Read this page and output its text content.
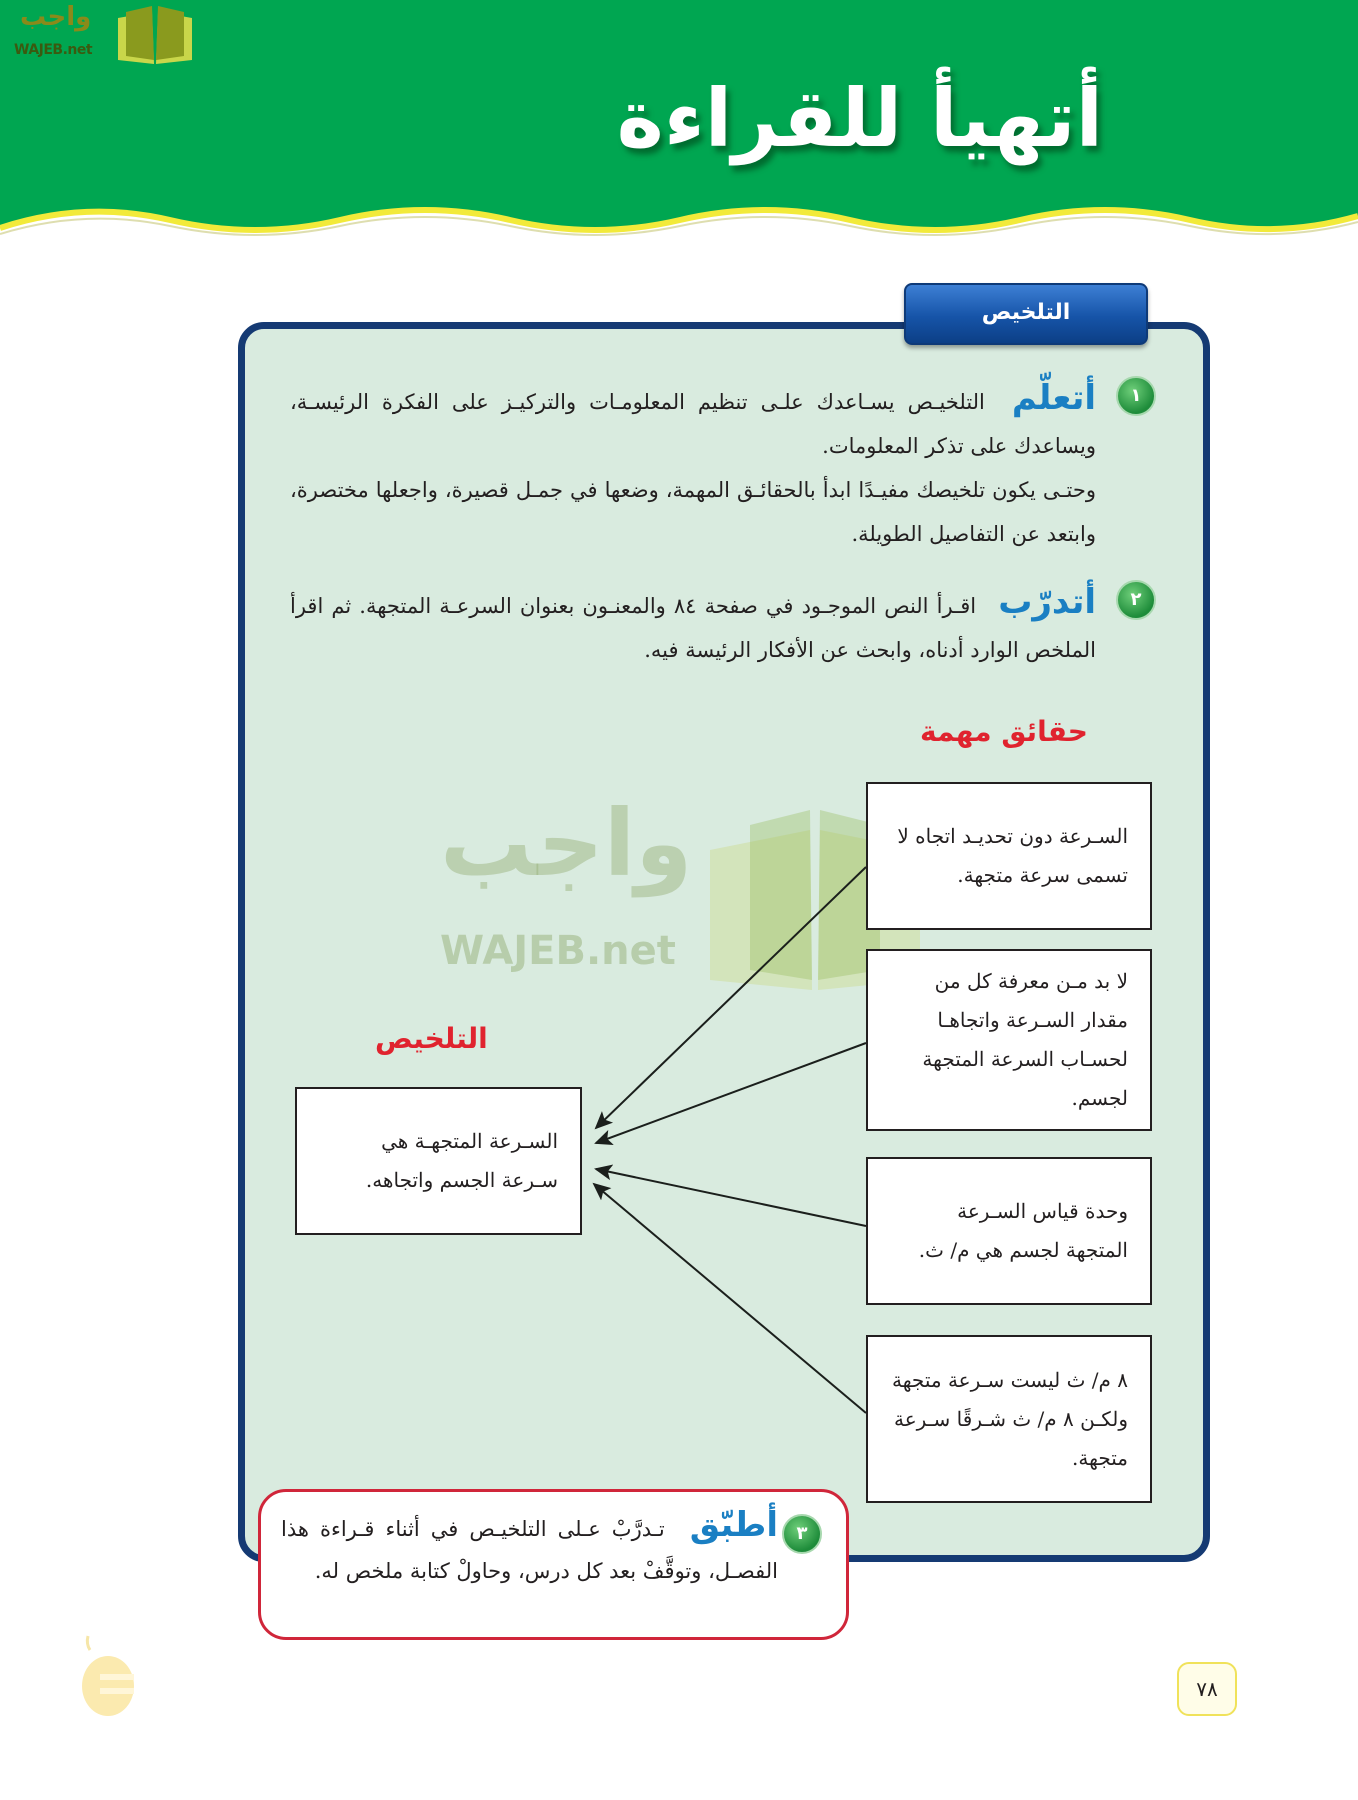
واجب
WAJEB.net
أتهيأ للقراءة
التلخيص
واجب
WAJEB.net
١
أتعلّم التلخيـص يسـاعدك علـى تنظيم المعلومـات والتركيـز على الفكرة الرئيسـة، ويساعدك على تذكر المعلومات.
وحتـى يكون تلخيصك مفيـدًا ابدأ بالحقائـق المهمة، وضعها في جمـل قصيرة، واجعلها مختصرة، وابتعد عن التفاصيل الطويلة.
٢
أتدرّب اقـرأ النص الموجـود في صفحة ٨٤ والمعنـون بعنوان السرعـة المتجهة. ثم اقرأ الملخص الوارد أدناه، وابحث عن الأفكار الرئيسة فيه.
حقائق مهمة
التلخيص
السـرعة دون تحديـد اتجاه لا تسمى سرعة متجهة.
لا بد مـن معرفة كل من مقدار السـرعة واتجاهـا لحسـاب السرعة المتجهة لجسم.
وحدة قياس السـرعة المتجهة لجسم هي م/ ث.
٨ م/ ث ليست سـرعة متجهة ولكـن ٨ م/ ث شـرقًا سـرعة متجهة.
السـرعة المتجهـة هي سـرعة الجسم واتجاهه.
٣
أطبّق تـدرَّبْ عـلى التلخيـص في أثناء قـراءة هذا الفصـل، وتوقَّفْ بعد كل درس، وحاولْ كتابة ملخص له.
٧٨
